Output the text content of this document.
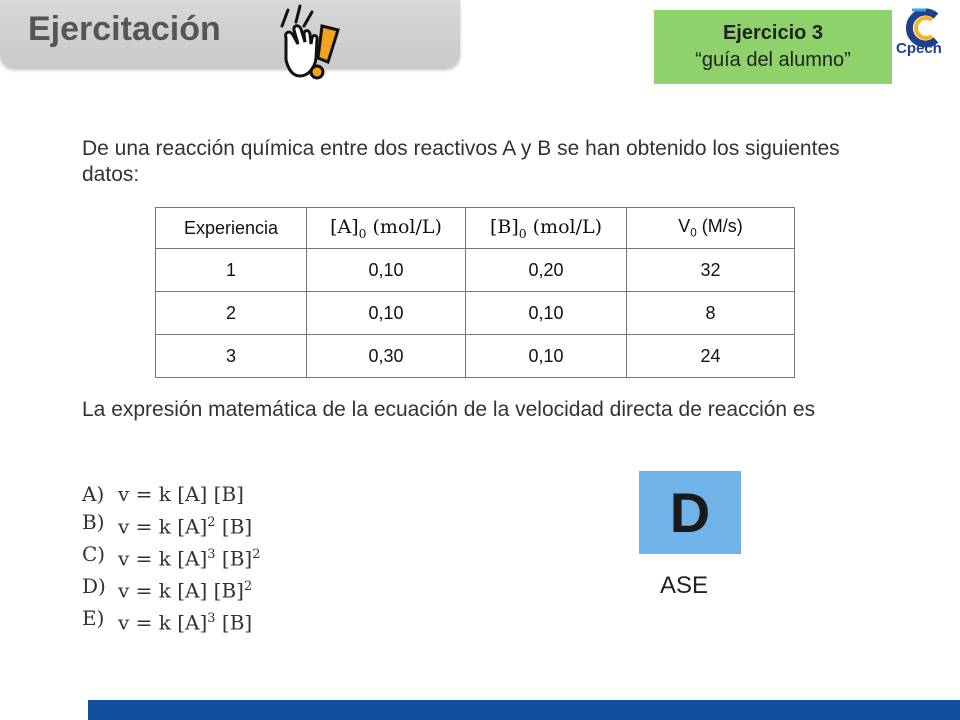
Ejercitación	Ejercicio 3
“guía del alumno”
Cpech
De una reacción química entre dos reactivos A y B se han obtenido los siguientes datos:
Experiencia	$[A]_0$ (mol/L)	$[B]_0$ (mol/L)	$V_0$ (M/s)
1	0,10	0,20	32
2	0,10	0,10	8
3	0,30	0,10	24
La expresión matemática de la ecuación de la velocidad directa de reacción es
A) v = k [A] [B]
B) v = k $[A]^2$ [B]
C) v = k $[A]^3$ $[B]^2$
D) v = k [A] $[B]^2$
E) v = k $[A]^3$ [B]
D
ASE
